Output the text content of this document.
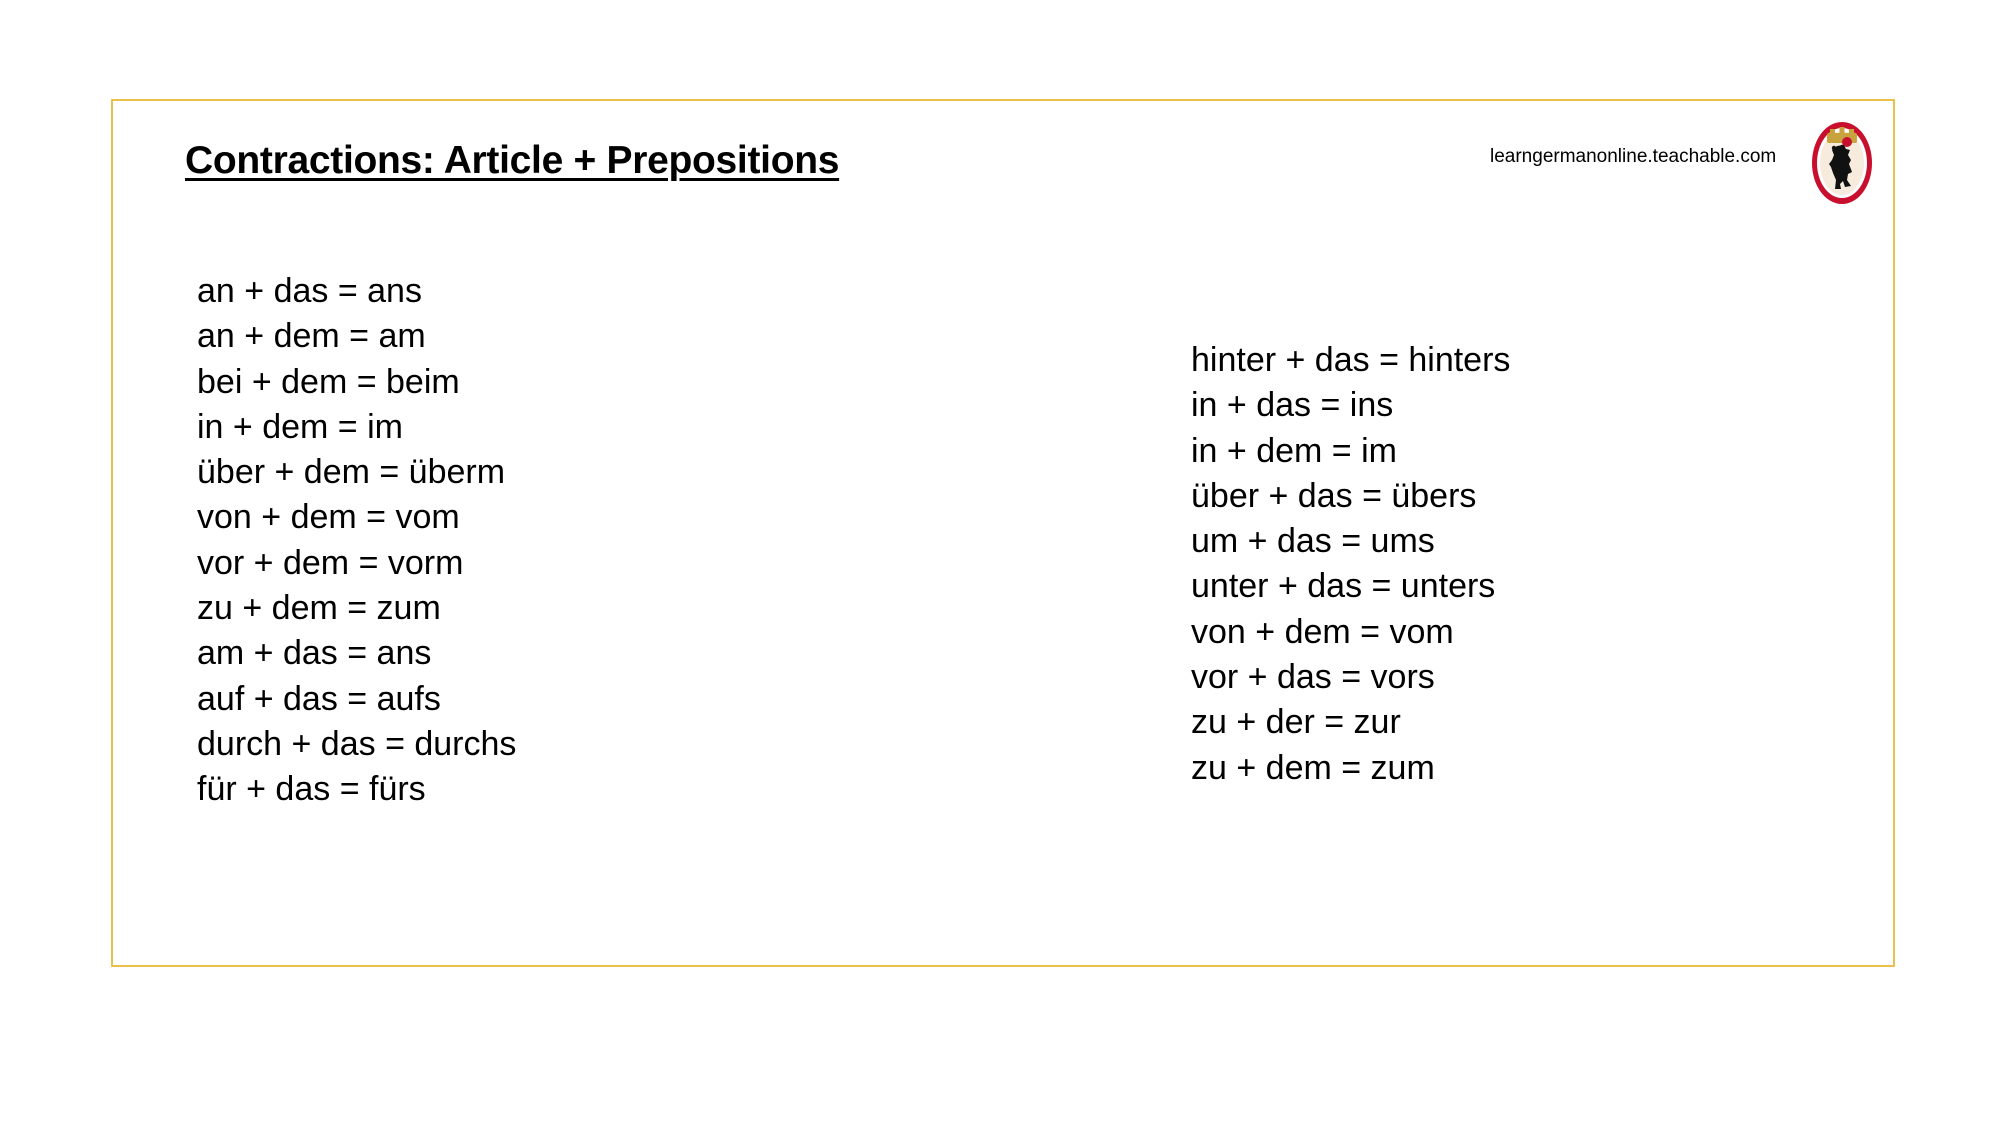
Contractions: Article + Prepositions	learngermanonline.teachable.com
an + das = ans
an + dem = am
bei + dem = beim
in + dem = im
über + dem = überm
von + dem = vom
vor + dem = vorm
zu + dem = zum
am + das = ans
auf + das = aufs
durch + das = durchs
für + das = fürs
hinter + das = hinters
in + das = ins
in + dem = im
über + das = übers
um + das = ums
unter + das = unters
von + dem = vom
vor + das = vors
zu + der = zur
zu + dem = zum
